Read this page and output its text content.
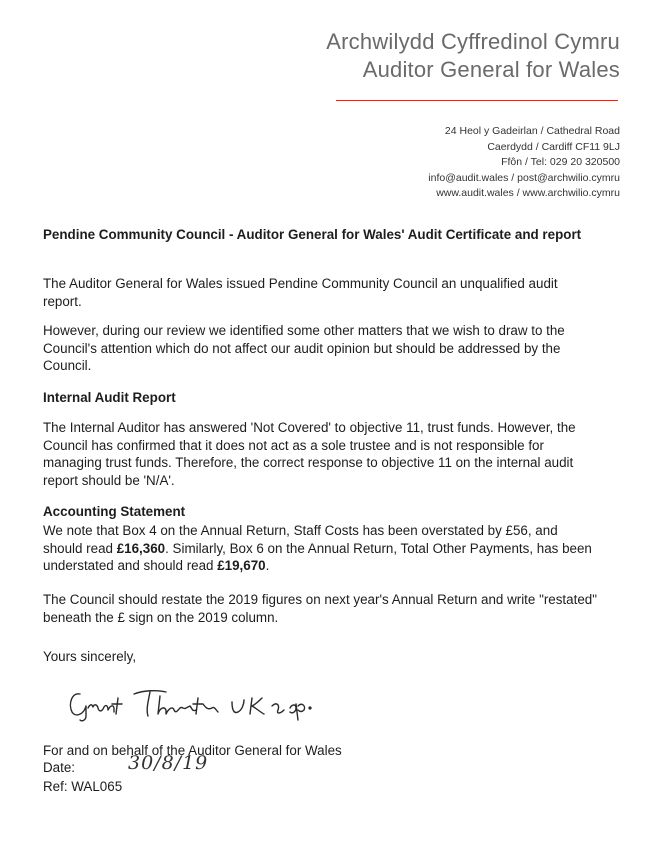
Archwilydd Cyffredinol Cymru
Auditor General for Wales
24 Heol y Gadeirlan / Cathedral Road
Caerdydd / Cardiff CF11 9LJ
Ffôn / Tel: 029 20 320500
info@audit.wales / post@archwilio.cymru
www.audit.wales / www.archwilio.cymru
Pendine Community Council - Auditor General for Wales' Audit Certificate and report
The Auditor General for Wales issued Pendine Community Council an unqualified audit report.
However, during our review we identified some other matters that we wish to draw to the Council's attention which do not affect our audit opinion but should be addressed by the Council.
Internal Audit Report
The Internal Auditor has answered 'Not Covered' to objective 11, trust funds. However, the Council has confirmed that it does not act as a sole trustee and is not responsible for managing trust funds. Therefore, the correct response to objective 11 on the internal audit report should be 'N/A'.
Accounting Statement
We note that Box 4 on the Annual Return, Staff Costs has been overstated by £56, and should read £16,360. Similarly, Box 6 on the Annual Return, Total Other Payments, has been understated and should read £19,670.
The Council should restate the 2019 figures on next year's Annual Return and write "restated" beneath the £ sign on the 2019 column.
Yours sincerely,
For and on behalf of the Auditor General for Wales
Date:	30/8/19
Ref: WAL065
